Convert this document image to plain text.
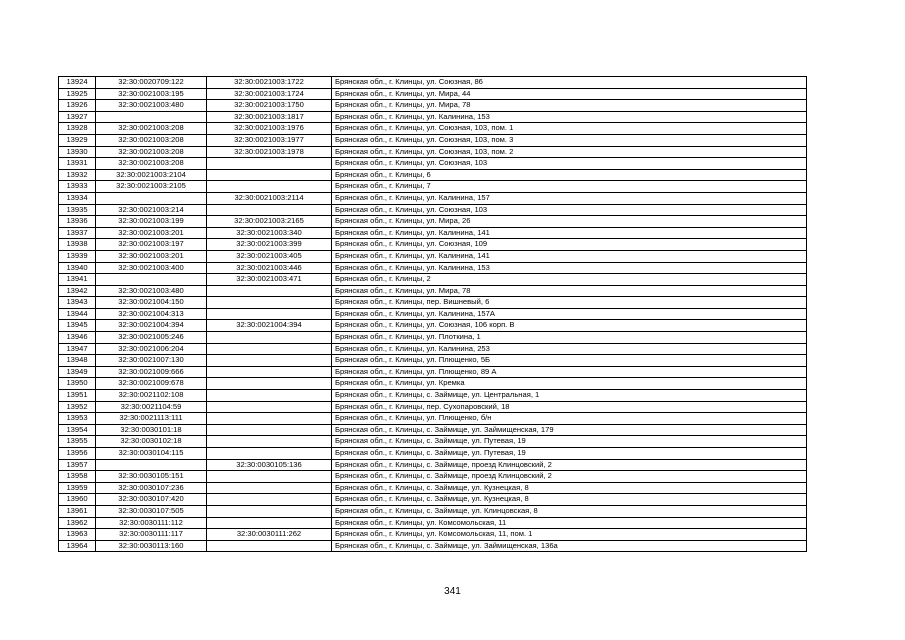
13924	32:30:0020709:122	32:30:0021003:1722	Брянская обл., г. Клинцы, ул. Союзная, 86
13925	32:30:0021003:195	32:30:0021003:1724	Брянская обл., г. Клинцы, ул. Мира, 44
13926	32:30:0021003:480	32:30:0021003:1750	Брянская обл., г. Клинцы, ул. Мира, 78
13927		32:30:0021003:1817	Брянская обл., г. Клинцы, ул. Калинина, 153
13928	32:30:0021003:208	32:30:0021003:1976	Брянская обл., г. Клинцы, ул. Союзная, 103, пом. 1
13929	32:30:0021003:208	32:30:0021003:1977	Брянская обл., г. Клинцы, ул. Союзная, 103, пом. 3
13930	32:30:0021003:208	32:30:0021003:1978	Брянская обл., г. Клинцы, ул. Союзная, 103, пом. 2
13931	32:30:0021003:208		Брянская обл., г. Клинцы, ул. Союзная, 103
13932	32:30:0021003:2104		Брянская обл., г. Клинцы, 6
13933	32:30:0021003:2105		Брянская обл., г. Клинцы, 7
13934		32:30:0021003:2114	Брянская обл., г. Клинцы, ул. Калинина, 157
13935	32:30:0021003:214		Брянская обл., г. Клинцы, ул. Союзная, 103
13936	32:30:0021003:199	32:30:0021003:2165	Брянская обл., г. Клинцы, ул. Мира, 26
13937	32:30:0021003:201	32:30:0021003:340	Брянская обл., г. Клинцы, ул. Калинина, 141
13938	32:30:0021003:197	32:30:0021003:399	Брянская обл., г. Клинцы, ул. Союзная, 109
13939	32:30:0021003:201	32:30:0021003:405	Брянская обл., г. Клинцы, ул. Калинина, 141
13940	32:30:0021003:400	32:30:0021003:446	Брянская обл., г. Клинцы, ул. Калинина, 153
13941		32:30:0021003:471	Брянская обл., г. Клинцы, 2
13942	32:30:0021003:480		Брянская обл., г. Клинцы, ул. Мира, 78
13943	32:30:0021004:150		Брянская обл., г. Клинцы, пер. Вишневый, 6
13944	32:30:0021004:313		Брянская обл., г. Клинцы, ул. Калинина, 157А
13945	32:30:0021004:394	32:30:0021004:394	Брянская обл., г. Клинцы, ул. Союзная, 106 корп. В
13946	32:30:0021005:246		Брянская обл., г. Клинцы, ул. Плоткина, 1
13947	32:30:0021006:204		Брянская обл., г. Клинцы, ул. Калинина, 253
13948	32:30:0021007:130		Брянская обл., г. Клинцы, ул. Плющенко, 5Б
13949	32:30:0021009:666		Брянская обл., г. Клинцы, ул. Плющенко, 89 А
13950	32:30:0021009:678		Брянская обл., г. Клинцы, ул. Кремка
13951	32:30:0021102:108		Брянская обл., г. Клинцы, с. Займище, ул. Центральная, 1
13952	32:30:0021104:59		Брянская обл., г. Клинцы, пер. Сухопаровский, 18
13953	32:30:0021113:111		Брянская обл., г. Клинцы, ул. Плющенко, б/н
13954	32:30:0030101:18		Брянская обл., г. Клинцы, с. Займище, ул. Займищенская, 179
13955	32:30:0030102:18		Брянская обл., г. Клинцы, с. Займище, ул. Путевая, 19
13956	32:30:0030104:115		Брянская обл., г. Клинцы, с. Займище, ул. Путевая, 19
13957		32:30:0030105:136	Брянская обл., г. Клинцы, с. Займище, проезд Клинцовский, 2
13958	32:30:0030105:151		Брянская обл., г. Клинцы, с. Займище, проезд Клинцовский, 2
13959	32:30:0030107:236		Брянская обл., г. Клинцы, с. Займище, ул. Кузнецкая, 8
13960	32:30:0030107:420		Брянская обл., г. Клинцы, с. Займище, ул. Кузнецкая, 8
13961	32:30:0030107:505		Брянская обл., г. Клинцы, с. Займище, ул. Клинцовская, 8
13962	32:30:0030111:112		Брянская обл., г. Клинцы, ул. Комсомольская, 11
13963	32:30:0030111:117	32:30:0030111:262	Брянская обл., г. Клинцы, ул. Комсомольская, 11, пом. 1
13964	32:30:0030113:160		Брянская обл., г. Клинцы, с. Займище, ул. Займищенская, 136а
341
